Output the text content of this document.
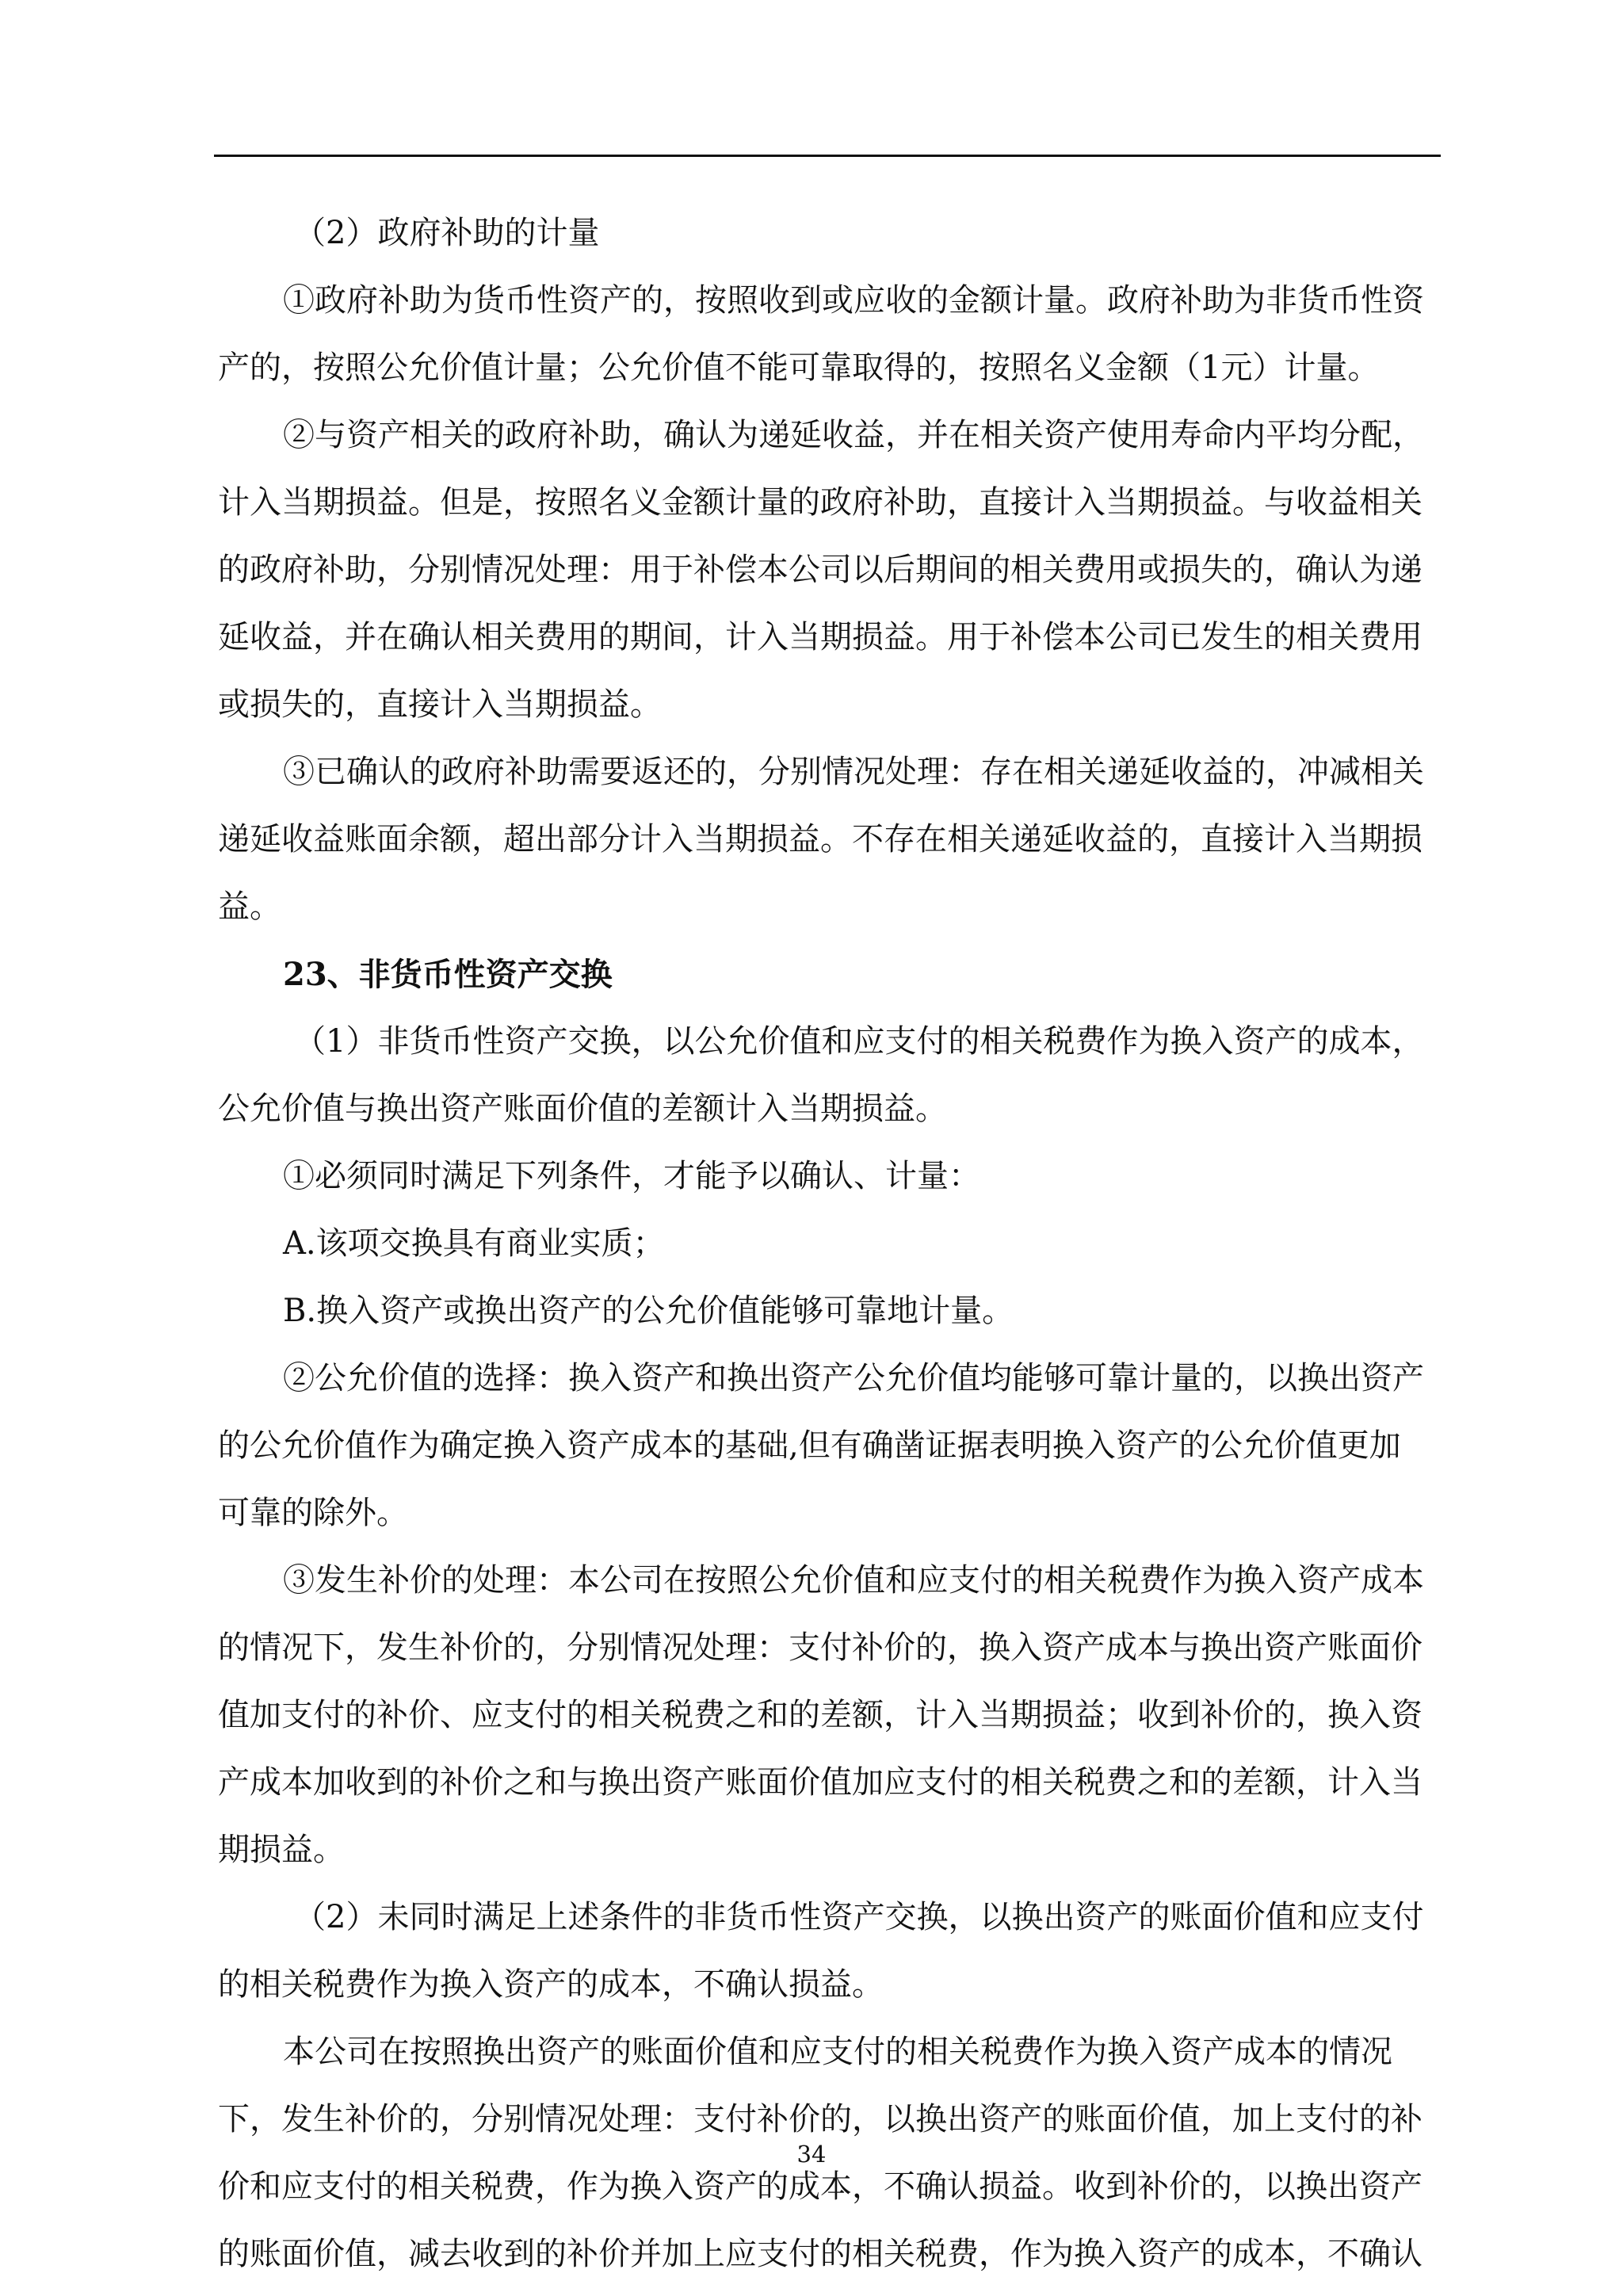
（2）政府补助的计量
①政府补助为货币性资产的，按照收到或应收的金额计量。政府补助为非货币性资
产的，按照公允价值计量；公允价值不能可靠取得的，按照名义金额（1元）计量。
②与资产相关的政府补助，确认为递延收益，并在相关资产使用寿命内平均分配，
计入当期损益。但是，按照名义金额计量的政府补助，直接计入当期损益。与收益相关
的政府补助，分别情况处理：用于补偿本公司以后期间的相关费用或损失的，确认为递
延收益，并在确认相关费用的期间，计入当期损益。用于补偿本公司已发生的相关费用
或损失的，直接计入当期损益。
③已确认的政府补助需要返还的，分别情况处理：存在相关递延收益的，冲减相关
递延收益账面余额，超出部分计入当期损益。不存在相关递延收益的，直接计入当期损
益。
23、非货币性资产交换
（1）非货币性资产交换，以公允价值和应支付的相关税费作为换入资产的成本，
公允价值与换出资产账面价值的差额计入当期损益。
①必须同时满足下列条件，才能予以确认、计量：
A.该项交换具有商业实质；
B.换入资产或换出资产的公允价值能够可靠地计量。
②公允价值的选择：换入资产和换出资产公允价值均能够可靠计量的，以换出资产
的公允价值作为确定换入资产成本的基础,但有确凿证据表明换入资产的公允价值更加
可靠的除外。
③发生补价的处理：本公司在按照公允价值和应支付的相关税费作为换入资产成本
的情况下，发生补价的，分别情况处理：支付补价的，换入资产成本与换出资产账面价
值加支付的补价、应支付的相关税费之和的差额，计入当期损益；收到补价的，换入资
产成本加收到的补价之和与换出资产账面价值加应支付的相关税费之和的差额，计入当
期损益。
（2）未同时满足上述条件的非货币性资产交换，以换出资产的账面价值和应支付
的相关税费作为换入资产的成本，不确认损益。
本公司在按照换出资产的账面价值和应支付的相关税费作为换入资产成本的情况
下，发生补价的，分别情况处理：支付补价的，以换出资产的账面价值，加上支付的补
价和应支付的相关税费，作为换入资产的成本，不确认损益。收到补价的，以换出资产
的账面价值，减去收到的补价并加上应支付的相关税费，作为换入资产的成本，不确认
34
